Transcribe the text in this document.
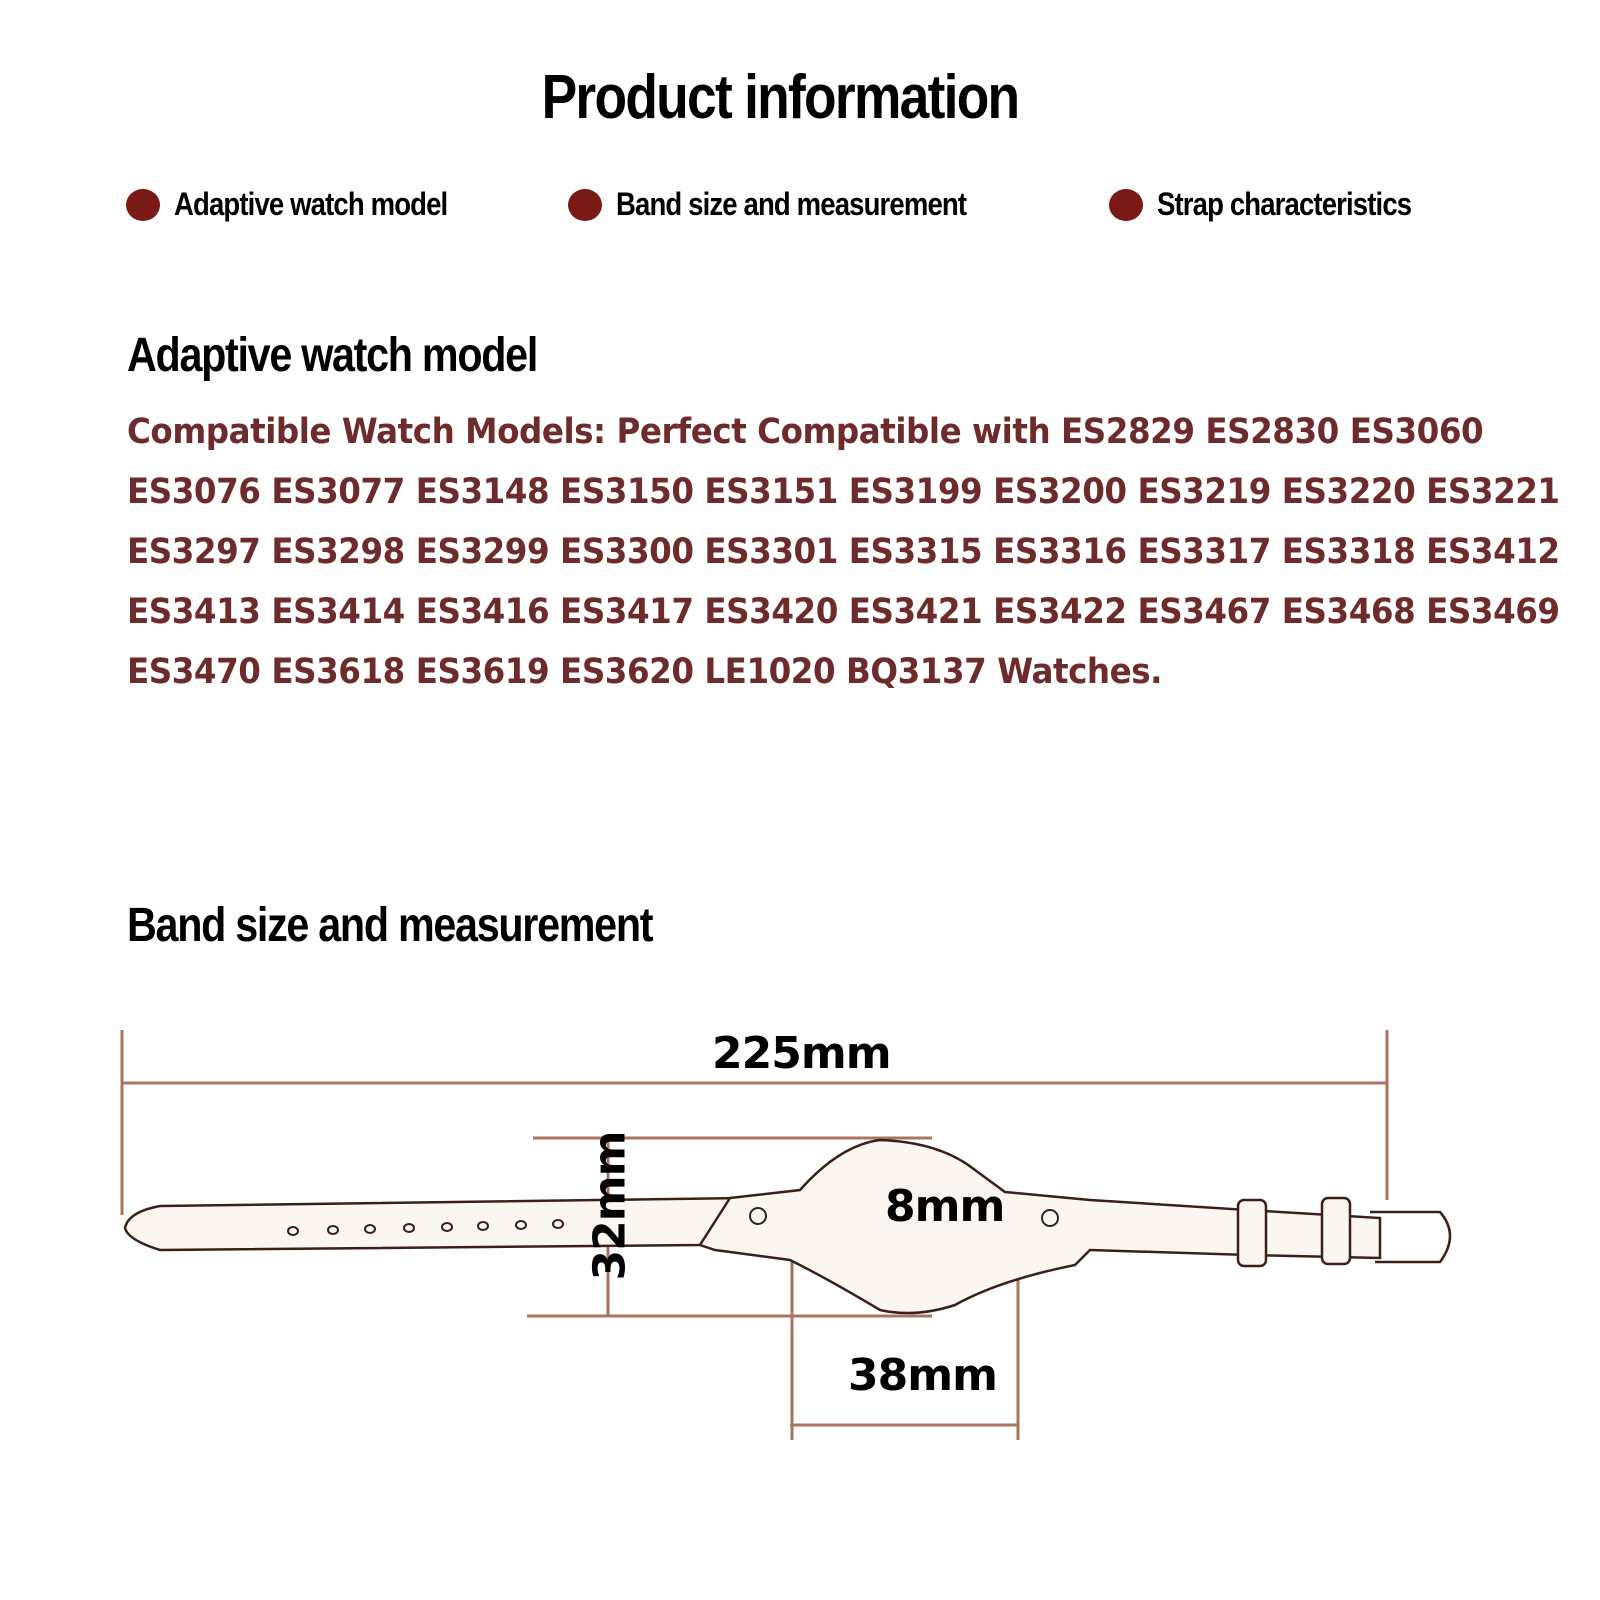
Product information
Adaptive watch model	Band size and measurement	Strap characteristics
Adaptive watch model
Compatible Watch Models: Perfect Compatible with ES2829 ES2830 ES3060
ES3076 ES3077 ES3148 ES3150 ES3151 ES3199 ES3200 ES3219 ES3220 ES3221
ES3297 ES3298 ES3299 ES3300 ES3301 ES3315 ES3316 ES3317 ES3318 ES3412
ES3413 ES3414 ES3416 ES3417 ES3420 ES3421 ES3422 ES3467 ES3468 ES3469
ES3470 ES3618 ES3619 ES3620 LE1020 BQ3137 Watches.
Band size and measurement
225mm
32mm	8mm
38mm
